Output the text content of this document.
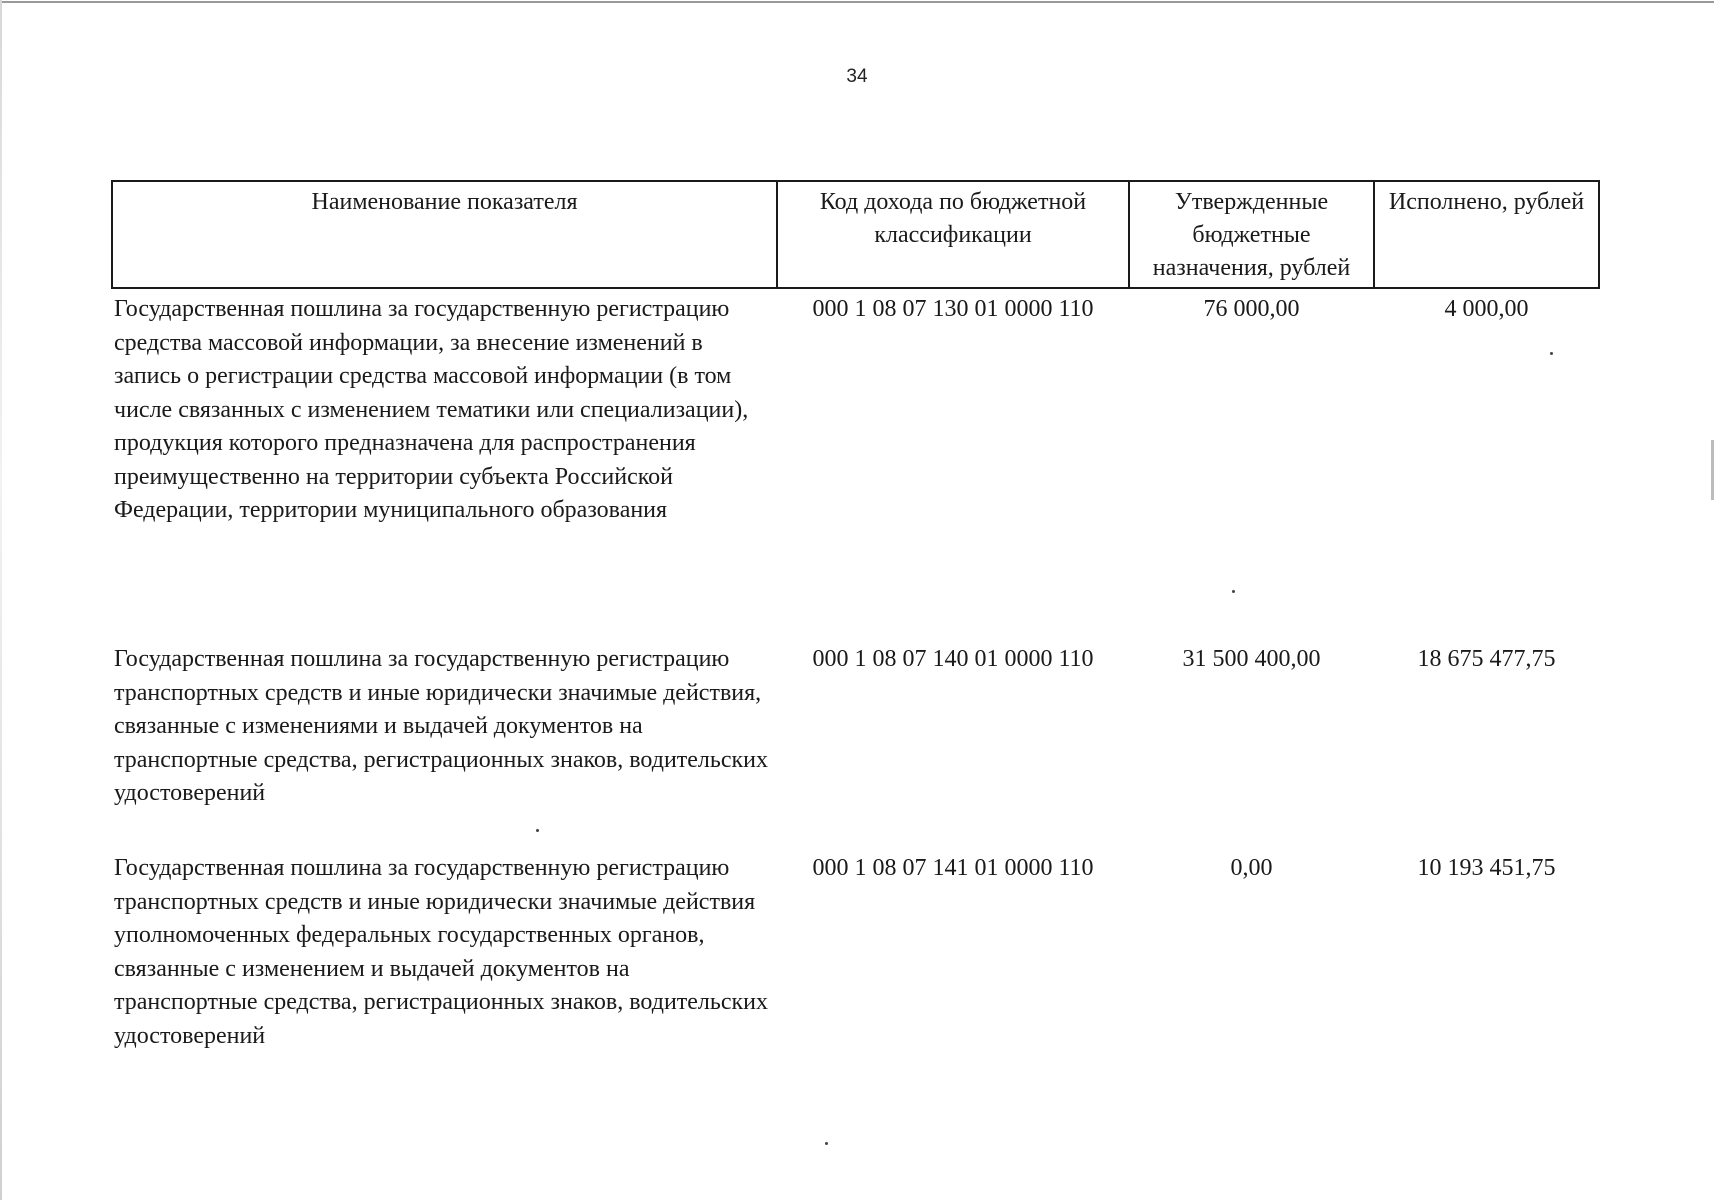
34
Наименование показателя	Код дохода по бюджетной классификации	Утвержденные бюджетные назначения, рублей	Исполнено, рублей
Государственная пошлина за государственную регистрацию средства массовой информации, за внесение изменений в запись о регистрации средства массовой информации (в том числе связанных с изменением тематики или специализации), продукция которого предназначена для распространения преимущественно на территории субъекта Российской Федерации, территории муниципального образования	000 1 08 07 130 01 0000 110	76 000,00	4 000,00
Государственная пошлина за государственную регистрацию транспортных средств и иные юридически значимые действия, связанные с изменениями и выдачей документов на транспортные средства, регистрационных знаков, водительских удостоверений	000 1 08 07 140 01 0000 110	31 500 400,00	18 675 477,75
Государственная пошлина за государственную регистрацию транспортных средств и иные юридически значимые действия уполномоченных федеральных государственных органов, связанные с изменением и выдачей документов на транспортные средства, регистрационных знаков, водительских удостоверений	000 1 08 07 141 01 0000 110	0,00	10 193 451,75
